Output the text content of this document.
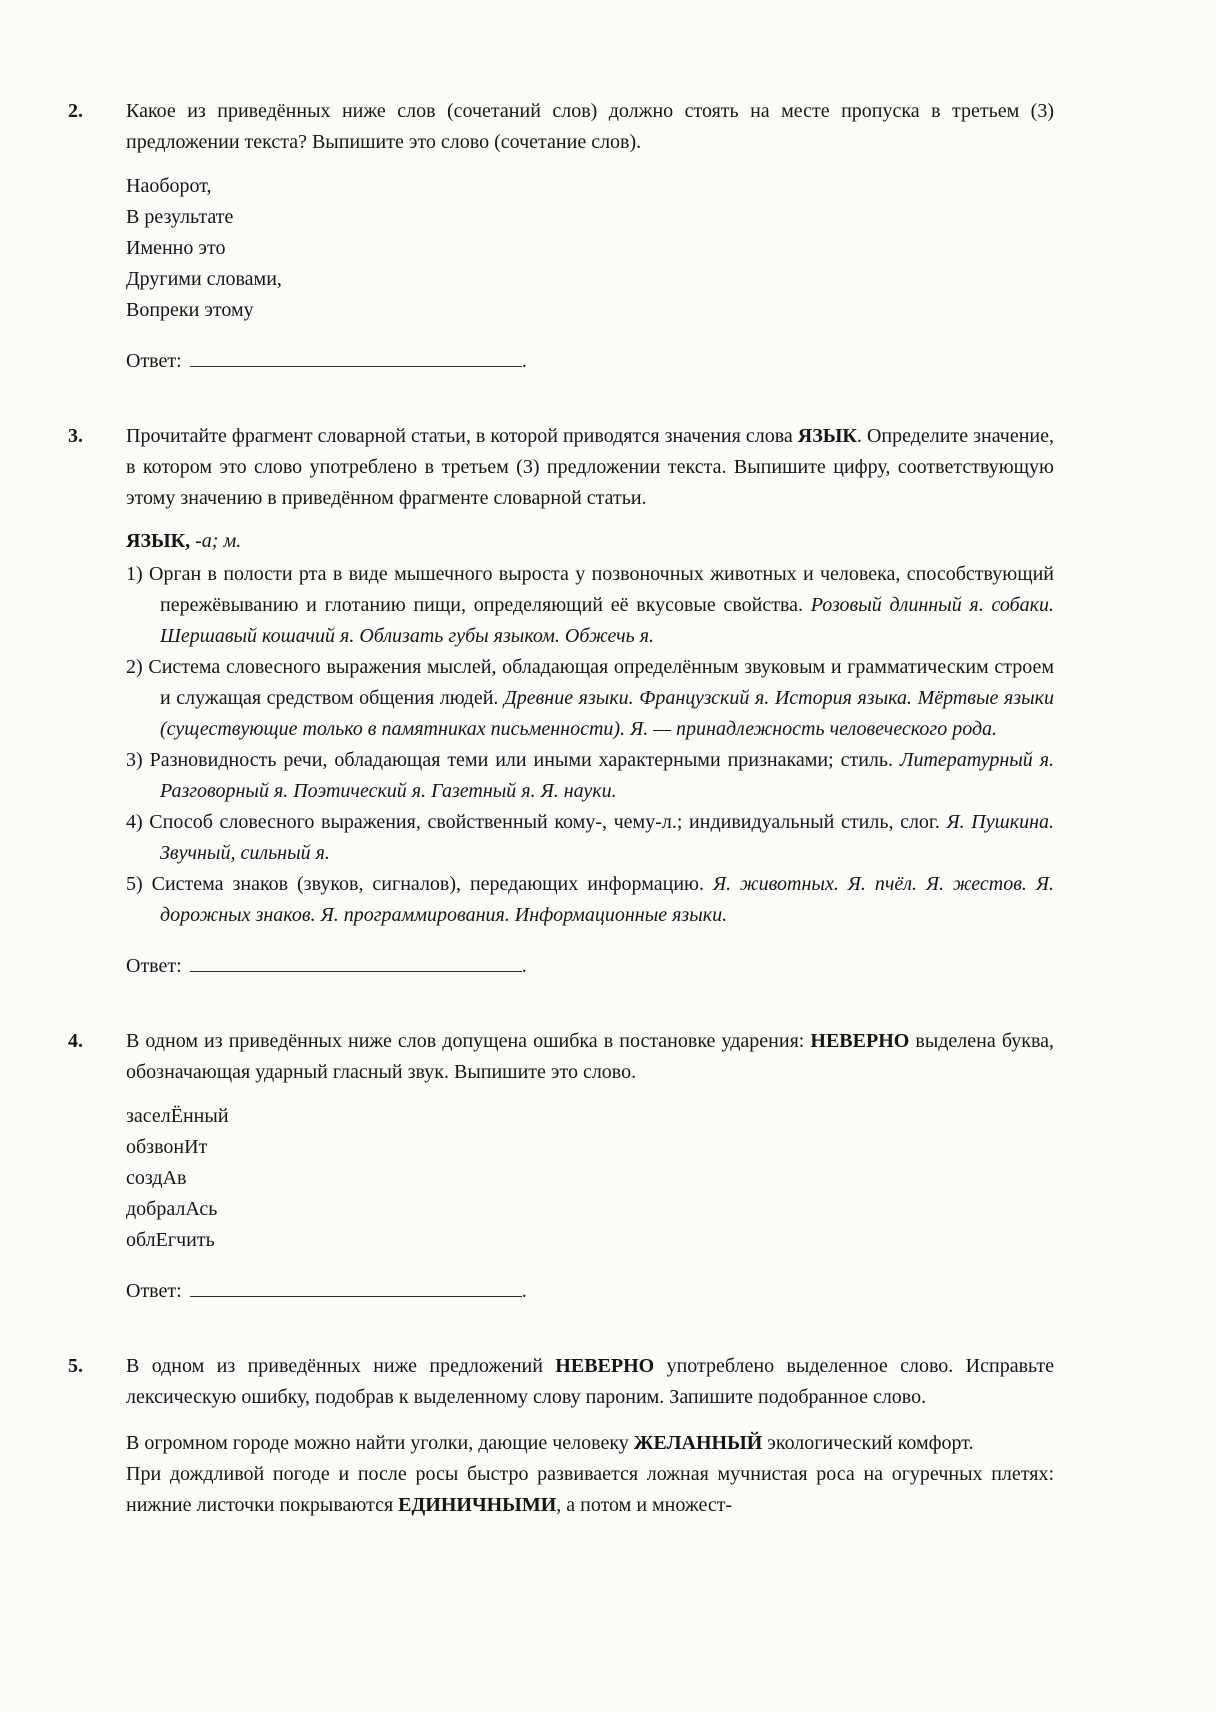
2.	Какое из приведённых ниже слов (сочетаний слов) должно стоять на месте пропуска в третьем (3) предложении текста? Выпишите это слово (сочетание слов).

Наоборот,

В результате

Именно это

Другими словами,

Вопреки этому

Ответ:	.

3.	Прочитайте фрагмент словарной статьи, в которой приводятся значения слова ЯЗЫК. Определите значение, в котором это слово употреблено в третьем (3) предложении текста. Выпишите цифру, соответствующую этому значению в приведённом фрагменте словарной статьи.

ЯЗЫК, -а; м.

1) Орган в полости рта в виде мышечного выроста у позвоночных животных и человека, способствующий пережёвыванию и глотанию пищи, определяющий её вкусовые свойства. Розовый длинный я. собаки. Шершавый кошачий я. Облизать губы языком. Обжечь я.

2) Система словесного выражения мыслей, обладающая определённым звуковым и грамматическим строем и служащая средством общения людей. Древние языки. Французский я. История языка. Мёртвые языки (существующие только в памятниках письменности). Я. — принадлежность человеческого рода.

3) Разновидность речи, обладающая теми или иными характерными признаками; стиль. Литературный я. Разговорный я. Поэтический я. Газетный я. Я. науки.

4) Способ словесного выражения, свойственный кому-, чему-л.; индивидуальный стиль, слог. Я. Пушкина. Звучный, сильный я.

5) Система знаков (звуков, сигналов), передающих информацию. Я. животных. Я. пчёл. Я. жестов. Я. дорожных знаков. Я. программирования. Информационные языки.

Ответ:	.

4.	В одном из приведённых ниже слов допущена ошибка в постановке ударения: НЕВЕРНО выделена буква, обозначающая ударный гласный звук. Выпишите это слово.

заселЁнный

обзвонИт

создАв

добралАсь

облЕгчить

Ответ:	.

5.	В одном из приведённых ниже предложений НЕВЕРНО употреблено выделенное слово. Исправьте лексическую ошибку, подобрав к выделенному слову пароним. Запишите подобранное слово.

В огромном городе можно найти уголки, дающие человеку ЖЕЛАННЫЙ экологический комфорт.

При дождливой погоде и после росы быстро развивается ложная мучнистая роса на огуречных плетях: нижние листочки покрываются ЕДИНИЧНЫМИ, а потом и множест-
